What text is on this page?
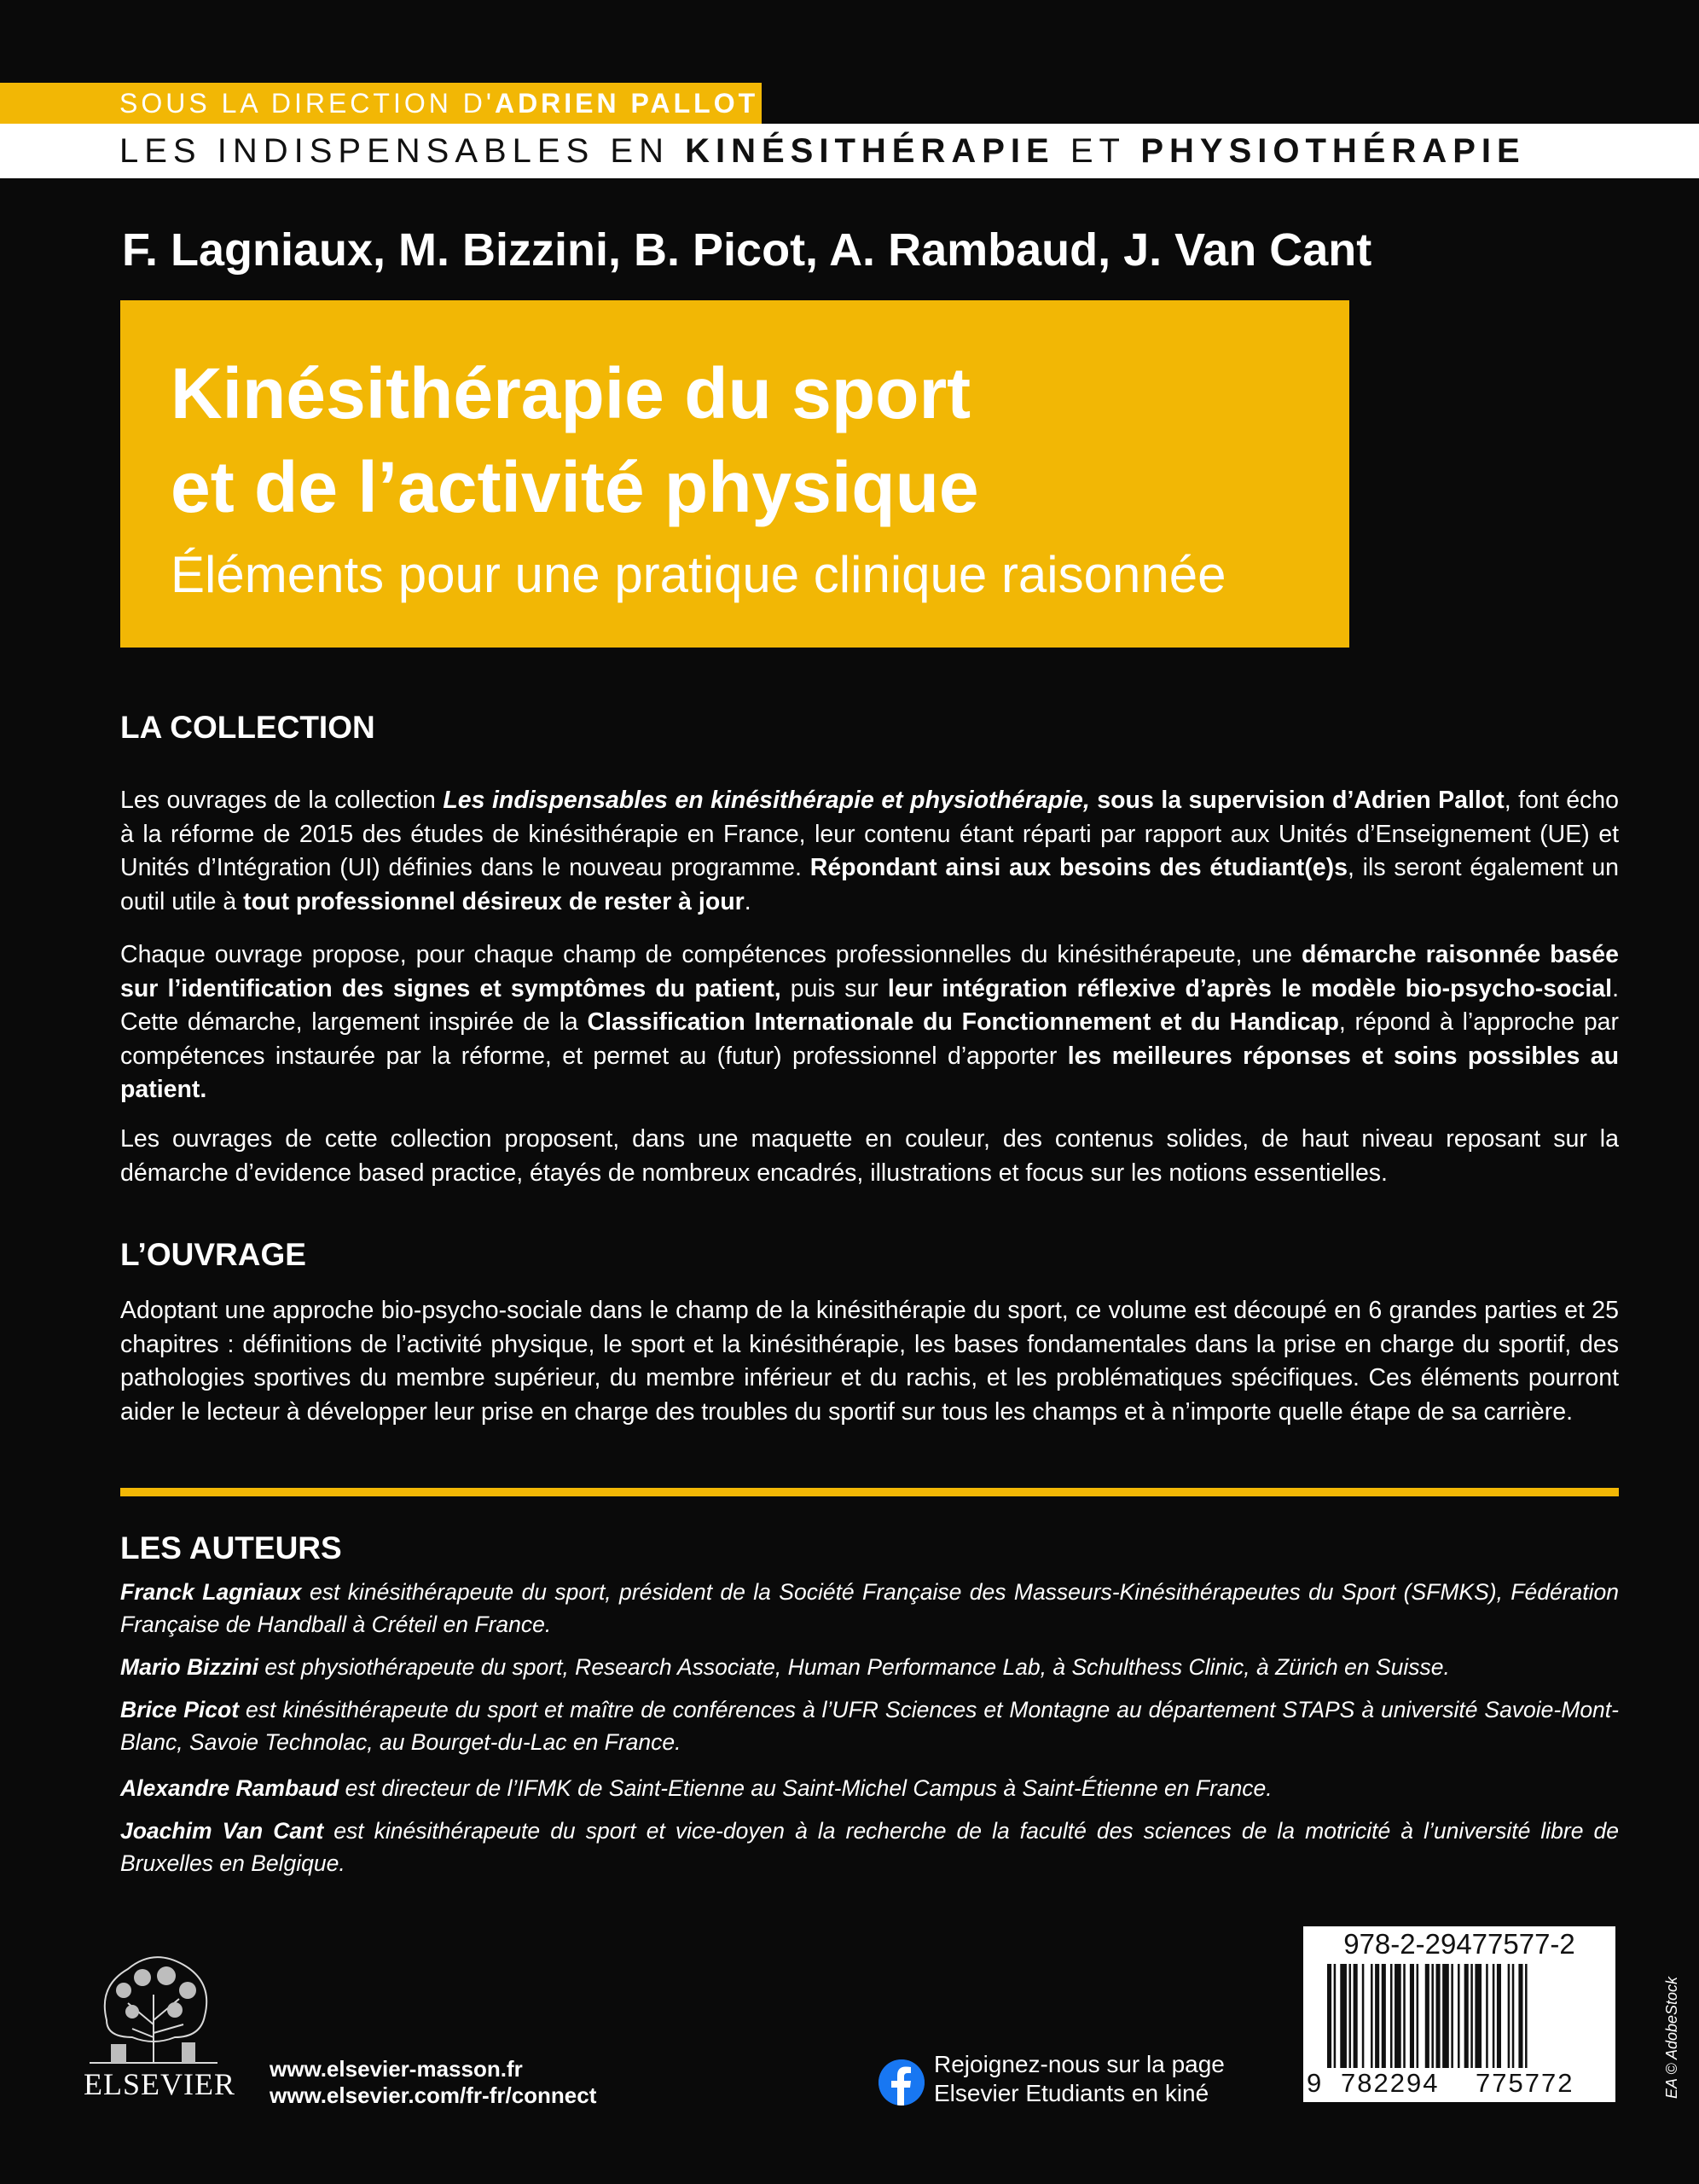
SOUS LA DIRECTION D'ADRIEN PALLOT
LES INDISPENSABLES EN KINÉSITHÉRAPIE ET PHYSIOTHÉRAPIE
F. Lagniaux, M. Bizzini, B. Picot, A. Rambaud, J. Van Cant
Kinésithérapie du sport
et de l’activité physique
Éléments pour une pratique clinique raisonnée
LA COLLECTION
Les ouvrages de la collection Les indispensables en kinésithérapie et physiothérapie, sous la supervision d’Adrien Pallot, font écho à la réforme de 2015 des études de kinésithérapie en France, leur contenu étant réparti par rapport aux Unités d’Enseignement (UE) et Unités d’Intégration (UI) définies dans le nouveau programme. Répondant ainsi aux besoins des étudiant(e)s, ils seront également un outil utile à tout professionnel désireux de rester à jour.
Chaque ouvrage propose, pour chaque champ de compétences professionnelles du kinésithérapeute, une démarche raisonnée basée sur l’identification des signes et symptômes du patient, puis sur leur intégration réflexive d’après le modèle bio-psycho-social. Cette démarche, largement inspirée de la Classification Internationale du Fonctionnement et du Handicap, répond à l’approche par compétences instaurée par la réforme, et permet au (futur) professionnel d’apporter les meilleures réponses et soins possibles au patient.
Les ouvrages de cette collection proposent, dans une maquette en couleur, des contenus solides, de haut niveau reposant sur la démarche d’evidence based practice, étayés de nombreux encadrés, illustrations et focus sur les notions essentielles.
L’OUVRAGE
Adoptant une approche bio-psycho-sociale dans le champ de la kinésithérapie du sport, ce volume est découpé en 6 grandes parties et 25 chapitres : définitions de l’activité physique, le sport et la kinésithérapie, les bases fondamentales dans la prise en charge du sportif, des pathologies sportives du membre supérieur, du membre inférieur et du rachis, et les problématiques spécifiques. Ces éléments pourront aider le lecteur à développer leur prise en charge des troubles du sportif sur tous les champs et à n’importe quelle étape de sa carrière.
LES AUTEURS
Franck Lagniaux est kinésithérapeute du sport, président de la Société Française des Masseurs-Kinésithérapeutes du Sport (SFMKS), Fédération Française de Handball à Créteil en France.
Mario Bizzini est physiothérapeute du sport, Research Associate, Human Performance Lab, à Schulthess Clinic, à Zürich en Suisse.
Brice Picot est kinésithérapeute du sport et maître de conférences à l’UFR Sciences et Montagne au département STAPS à université Savoie-Mont-Blanc, Savoie Technolac, au Bourget-du-Lac en France.
Alexandre Rambaud est directeur de l’IFMK de Saint-Etienne au Saint-Michel Campus à Saint-Étienne en France.
Joachim Van Cant est kinésithérapeute du sport et vice-doyen à la recherche de la faculté des sciences de la motricité à l’université libre de Bruxelles en Belgique.
ELSEVIER www.elsevier-masson.fr
www.elsevier.com/fr-fr/connect
Rejoignez-nous sur la page
Elsevier Etudiants en kiné
978-2-29477577-2
9 782294 775772	EA © AdobeStock
